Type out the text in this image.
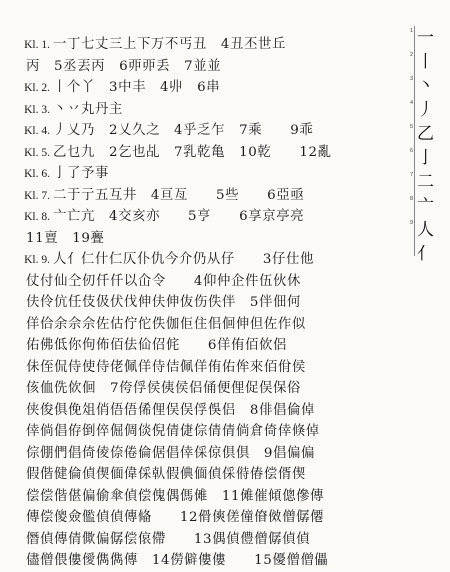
Kl. 1. 一丁七丈三上下万不丐丑　4丑丕世丘
丙　5丞丟丙　6丣丣丢　7並並
Kl. 2. 丨个丫　3中丰　4丱　6串
Kl. 3. 丶丷丸丹主
Kl. 4. 丿乂乃　2乂久之　4乎乏乍　7乘　　9乖
Kl. 5. 乙乜九　2乞也乩　7乳乾亀　10乾　　12亂
Kl. 6. 亅了予事
Kl. 7. 二于亍五互井　4亘亙　　5些　　6亞亟
Kl. 8. 亠亡亢　4交亥亦　　5亨　　6享京亭亮
11亶　19亹
Kl. 9. 人亻仁什仁仄仆仇今介仍从仔　　3仔仕他
仗付仙仝仞仟仟以仚令　　4仰仲企件伍伙休
伕伶伉任伎伋伏伐伸伕伸伖伤佚伴　5伴佃何
佯佮余佘佘佐估佇佗佚伽佢住佀佪伸但佐作似
佑佛低你佝佈佰佉佡佋侂　　6佯侑佰佽侶
佅侄侃侍使侍佬佩佯侍佶佩佯侑佑侔來佰佾侯
侅侐侁佽佪　7侉俘侯侇侯侣俑便俚促俣保俗
侠俊俱俛俎俏俉俉俙俚俣俣俘俁侣　8俳倡倫倬
倖倘倡侟倒倅倔倜倓倪倩倢倧倩倩倘倉倚倖倏倬
倧倗們倡倚倰倷倦倫倨倡倖倸倞倶倶　9倡偏偏
假偕健倫偵偰偭偉倸倝假倎偭偵倸偫偆偿偦偰
偿偿偕偡偏偷傘偵偿傀偶傌傩　11傩催傾傯傪傳
傳偿傻僉儖偵偵傳偹　　12傦傸傞僮傄傚僧僝僊
僭偵傳倩僛偏僝偿偯僀　　13偶偵僼僧僝偵偵
儘僧偎僂僾儁儁傳　14僗僻僂僂　　15優僧僧儡
1 一
2 丨
3 丶
4 丿
5 乙
6 亅
7 二
8 亠
9 人亻
